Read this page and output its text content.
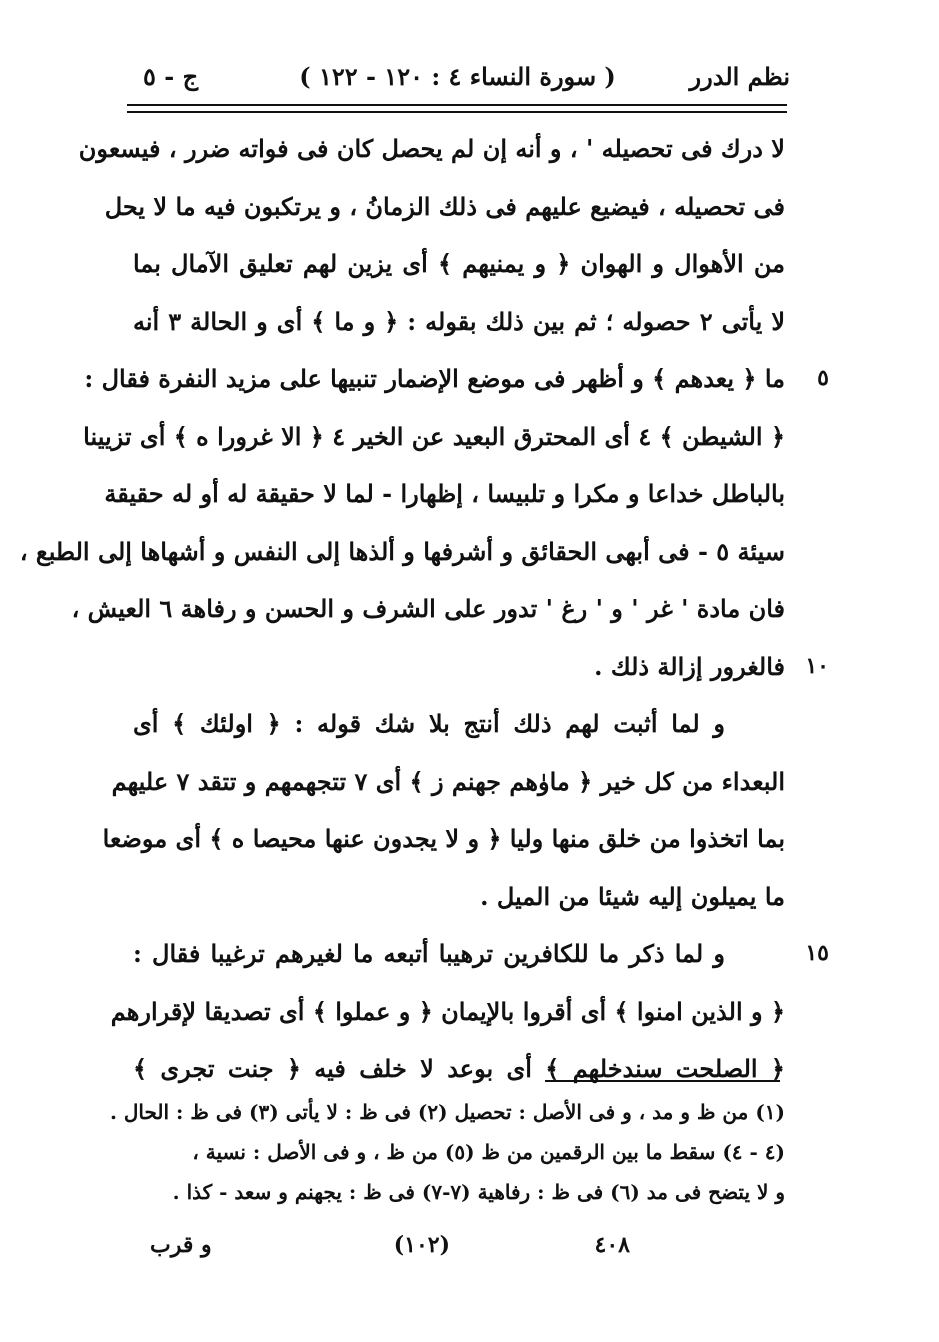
نظم الدرر
( سورة النساء ٤ : ١٢٠ - ١٢٢ )
ج - ٥
لا درك فى تحصيله ' ، و أنه إن لم يحصل كان فى فواته ضرر ، فيسعون
فى تحصيله ، فيضيع عليهم فى ذلك الزمانُ ، و يرتكبون فيه ما لا يحل
من الأهوال و الهوان ﴿ و يمنيهم ﴾ أى يزين لهم تعليق الآمال بما
لا يأتى ٢ حصوله ؛ ثم بين ذلك بقوله : ﴿ و ما ﴾ أى و الحالة ٣ أنه
ما ﴿ يعدهم ﴾ و أظهر فى موضع الإضمار تنبيها على مزيد النفرة فقال : ٥
﴿ الشيطن ﴾ ٤ أى المحترق البعيد عن الخير ٤ ﴿ الا غرورا ه ﴾ أى تزيينا
بالباطل خداعا و مكرا و تلبيسا ، إظهارا - لما لا حقيقة له أو له حقيقة
سيئة ٥ - فى أبهى الحقائق و أشرفها و ألذها إلى النفس و أشهاها إلى الطبع ،
فان مادة ' غر ' و ' رغ ' تدور على الشرف و الحسن و رفاهة ٦ العيش ،
فالغرور إزالة ذلك . ١٠
و لما أثبت لهم ذلك أنتج بلا شك قوله : ﴿ اولئك ﴾ أى
البعداء من كل خير ﴿ ماوٰهم جهنم ز ﴾ أى ٧ تتجهمهم و تتقد ٧ عليهم
بما اتخذوا من خلق منها وليا ﴿ و لا يجدون عنها محيصا ه ﴾ أى موضعا
ما يميلون إليه شيئا من الميل .
و لما ذكر ما للكافرين ترهيبا أتبعه ما لغيرهم ترغيبا فقال :	١٥
﴿ و الذين امنوا ﴾ أى أقروا بالإيمان ﴿ و عملوا ﴾ أى تصديقا لإقرارهم
﴿ الصلحت سندخلهم ﴾ أى بوعد لا خلف فيه ﴿ جنت تجرى ﴾
(١) من ظ و مد ، و فى الأصل : تحصيل (٢) فى ظ : لا يأتى (٣) فى ظ : الحال .
(٤ - ٤) سقط ما بين الرقمين من ظ (٥) من ظ ، و فى الأصل : نسية ،
و لا يتضح فى مد (٦) فى ظ : رفاهية (٧-٧) فى ظ : يجهنم و سعد - كذا .
٤٠٨
(١٠٢)
و قرب
